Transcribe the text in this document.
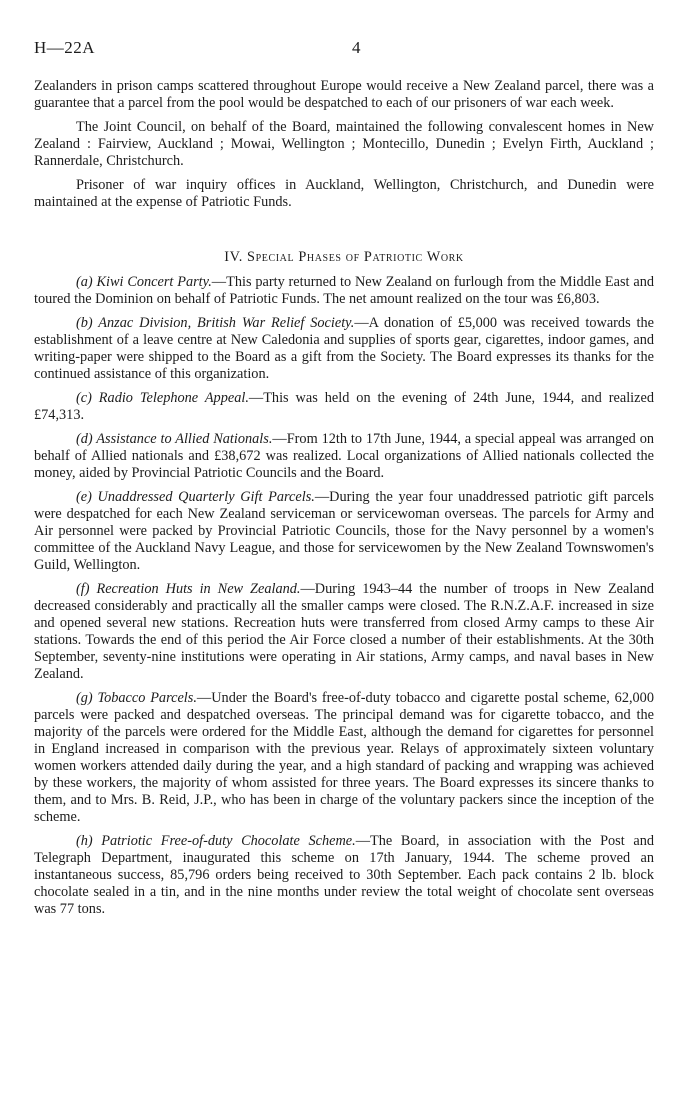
H—22A	4

Zealanders in prison camps scattered throughout Europe would receive a New Zealand parcel, there was a guarantee that a parcel from the pool would be despatched to each of our prisoners of war each week.

The Joint Council, on behalf of the Board, maintained the following convalescent homes in New Zealand : Fairview, Auckland ; Mowai, Wellington ; Montecillo, Dunedin ; Evelyn Firth, Auckland ; Rannerdale, Christchurch.

Prisoner of war inquiry offices in Auckland, Wellington, Christchurch, and Dunedin were maintained at the expense of Patriotic Funds.

IV. Special Phases of Patriotic Work

(a) Kiwi Concert Party.—This party returned to New Zealand on furlough from the Middle East and toured the Dominion on behalf of Patriotic Funds. The net amount realized on the tour was £6,803.

(b) Anzac Division, British War Relief Society.—A donation of £5,000 was received towards the establishment of a leave centre at New Caledonia and supplies of sports gear, cigarettes, indoor games, and writing-paper were shipped to the Board as a gift from the Society. The Board expresses its thanks for the continued assistance of this organization.

(c) Radio Telephone Appeal.—This was held on the evening of 24th June, 1944, and realized £74,313.

(d) Assistance to Allied Nationals.—From 12th to 17th June, 1944, a special appeal was arranged on behalf of Allied nationals and £38,672 was realized. Local organizations of Allied nationals collected the money, aided by Provincial Patriotic Councils and the Board.

(e) Unaddressed Quarterly Gift Parcels.—During the year four unaddressed patriotic gift parcels were despatched for each New Zealand serviceman or servicewoman overseas. The parcels for Army and Air personnel were packed by Provincial Patriotic Councils, those for the Navy personnel by a women's committee of the Auckland Navy League, and those for servicewomen by the New Zealand Townswomen's Guild, Wellington.

(f) Recreation Huts in New Zealand.—During 1943–44 the number of troops in New Zealand decreased considerably and practically all the smaller camps were closed. The R.N.Z.A.F. increased in size and opened several new stations. Recreation huts were transferred from closed Army camps to these Air stations. Towards the end of this period the Air Force closed a number of their establishments. At the 30th September, seventy-nine institutions were operating in Air stations, Army camps, and naval bases in New Zealand.

(g) Tobacco Parcels.—Under the Board's free-of-duty tobacco and cigarette postal scheme, 62,000 parcels were packed and despatched overseas. The principal demand was for cigarette tobacco, and the majority of the parcels were ordered for the Middle East, although the demand for cigarettes for personnel in England increased in comparison with the previous year. Relays of approximately sixteen voluntary women workers attended daily during the year, and a high standard of packing and wrapping was achieved by these workers, the majority of whom assisted for three years. The Board expresses its sincere thanks to them, and to Mrs. B. Reid, J.P., who has been in charge of the voluntary packers since the inception of the scheme.

(h) Patriotic Free-of-duty Chocolate Scheme.—The Board, in association with the Post and Telegraph Department, inaugurated this scheme on 17th January, 1944. The scheme proved an instantaneous success, 85,796 orders being received to 30th September. Each pack contains 2 lb. block chocolate sealed in a tin, and in the nine months under review the total weight of chocolate sent overseas was 77 tons.
